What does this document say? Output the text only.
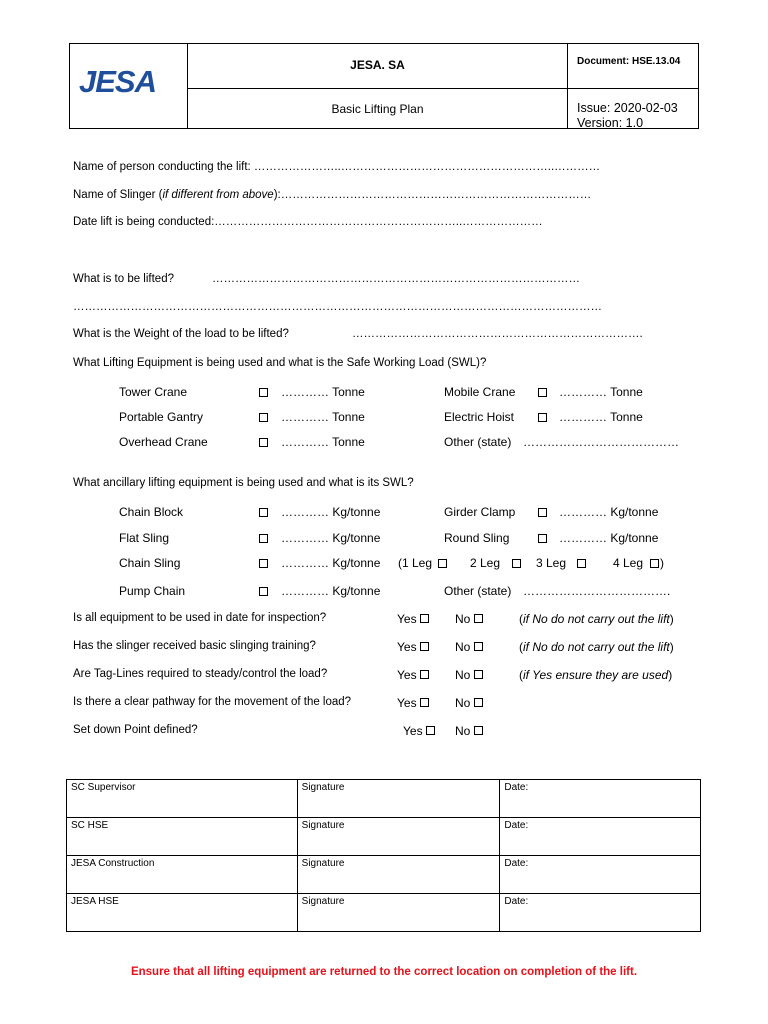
JESA	JESA. SA	Document: HSE.13.04
Basic Lifting Plan	Issue: 2020-02-03
Version: 1.0
Name of person conducting the lift: …………………..………………………………………………..…………
Name of Slinger (if different from above):………………………………………………………………………
Date lift is being conducted:………………………………………………………..…………………
What is to be lifted?	……………………………………………………………………………………
…………………………………………………………………………………………………………………………
What is the Weight of the load to be lifted?	………………………………………………………………….
What Lifting Equipment is being used and what is the Safe Working Load (SWL)?
Tower Crane	………… Tonne	Mobile Crane	………… Tonne
Portable Gantry	………… Tonne	Electric Hoist	………… Tonne
Overhead Crane	………… Tonne	Other (state) …………………………………
What ancillary lifting equipment is being used and what is its SWL?
Chain Block	………… Kg/tonne	Girder Clamp	………… Kg/tonne
Flat Sling	………… Kg/tonne	Round Sling	………… Kg/tonne
Chain Sling	………… Kg/tonne (1 Leg	2 Leg	3 Leg	4 Leg )
Pump Chain	………… Kg/tonne	Other (state) ……………………………….
Is all equipment to be used in date for inspection?	Yes	No	(if No do not carry out the lift)
Has the slinger received basic slinging training?	Yes	No	(if No do not carry out the lift)
Are Tag-Lines required to steady/control the load?	Yes	No	(if Yes ensure they are used)
Is there a clear pathway for the movement of the load?	Yes	No
Set down Point defined?	Yes	No
SC Supervisor	Signature	Date:
SC HSE	Signature	Date:
JESA Construction	Signature	Date:
JESA HSE	Signature	Date:
Ensure that all lifting equipment are returned to the correct location on completion of the lift.
